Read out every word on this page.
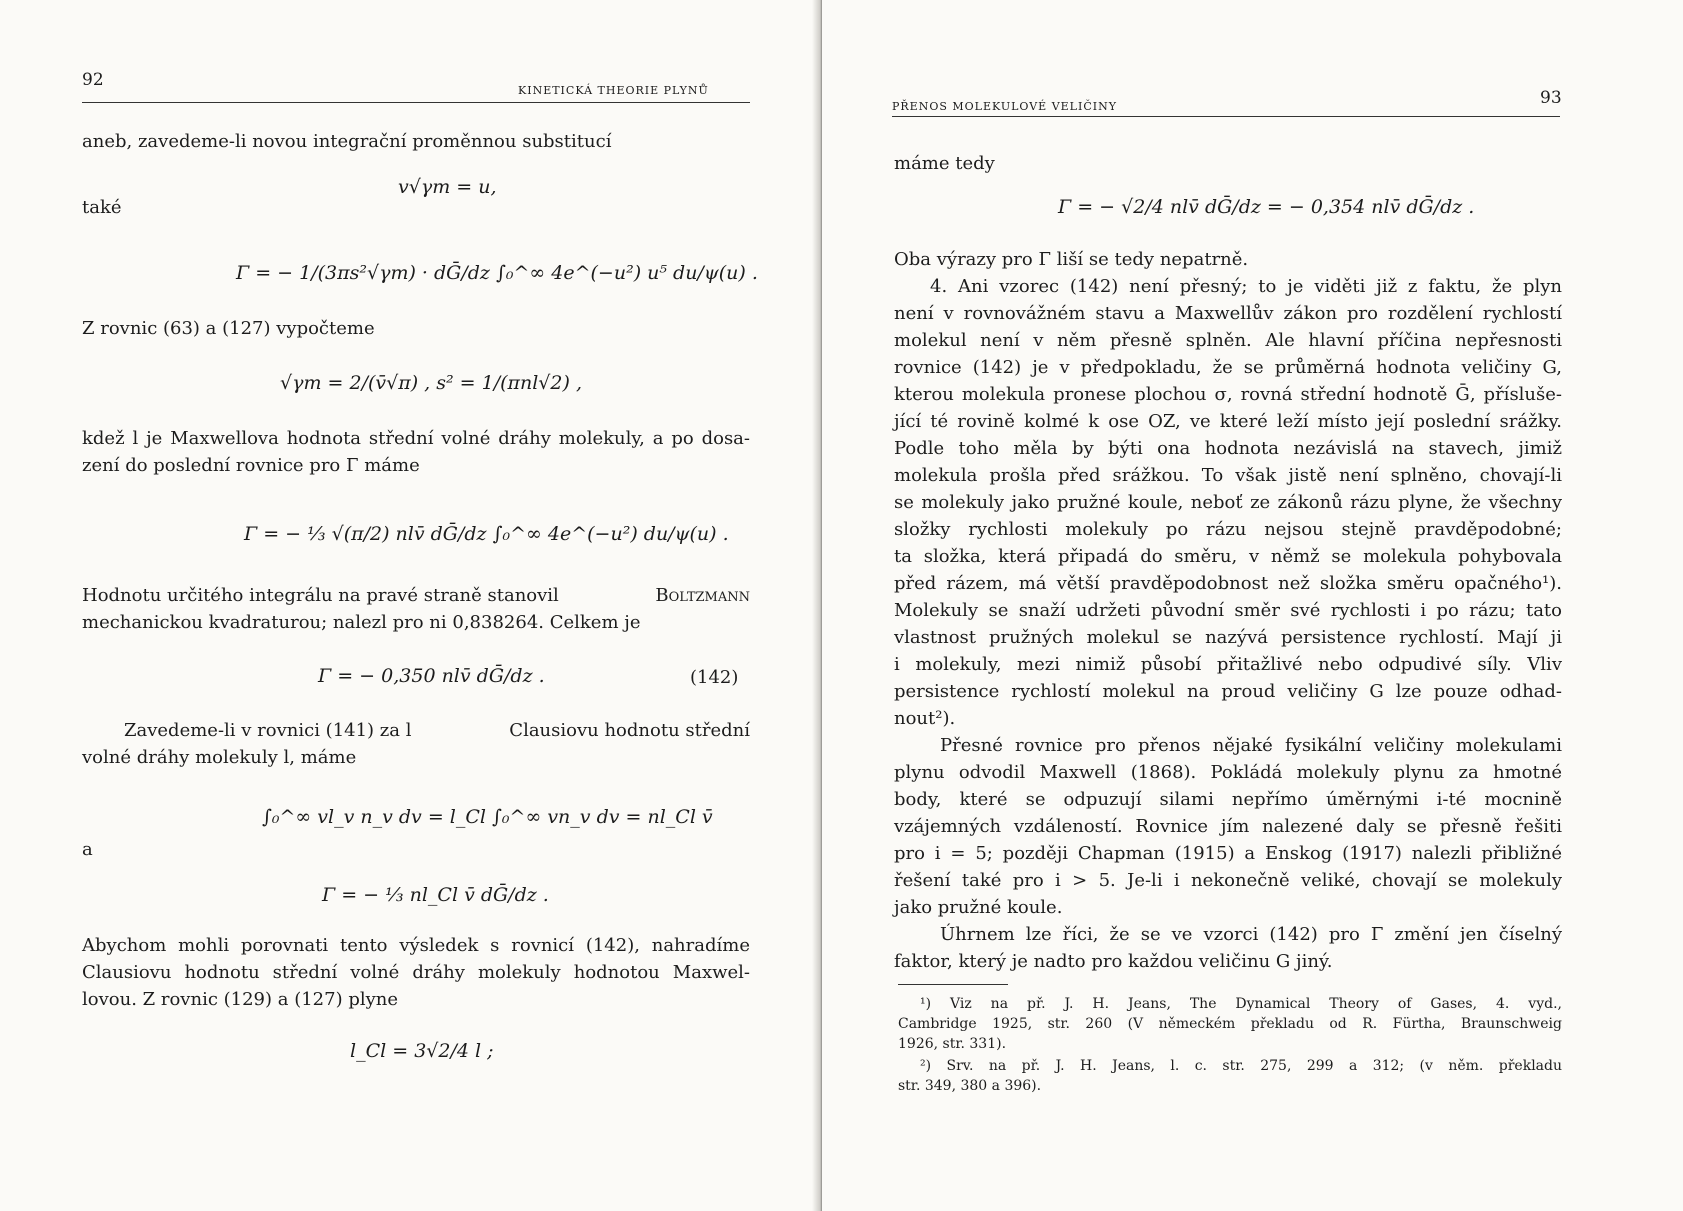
92
KINETICKÁ THEORIE PLYNŮ
aneb, zavedeme-li novou integrační proměnnou substitucí
v√γm = u,
také
Γ = − 1/(3πs²√γm) · dḠ/dz ∫₀^∞ 4e^(−u²) u⁵ du/ψ(u) .
Z rovnic (63) a (127) vypočteme
√γm = 2/(v̄√π) , s² = 1/(πnl√2) ,
kdež l je Maxwellova hodnota střední volné dráhy molekuly, a po dosa-
zení do poslední rovnice pro Γ máme
Γ = − ⅓ √(π/2) nlv̄ dḠ/dz ∫₀^∞ 4e^(−u²) du/ψ(u) .
Hodnotu určitého integrálu na pravé straně stanovil	Boltzmann
mechanickou kvadraturou; nalezl pro ni 0,838264. Celkem je
Γ = − 0,350 nlv̄ dḠ/dz .	(142)
Zavedeme-li v rovnici (141) za l	Clausiovu hodnotu střední
volné dráhy molekuly l, máme
∫₀^∞ vl_v n_v dv = l_Cl ∫₀^∞ vn_v dv = nl_Cl v̄
a
Γ = − ⅓ nl_Cl v̄ dḠ/dz .
Abychom mohli porovnati tento výsledek s rovnicí (142), nahradíme
Clausiovu hodnotu střední volné dráhy molekuly hodnotou Maxwel-
lovou. Z rovnic (129) a (127) plyne
l_Cl = 3√2/4 l ;
PŘENOS MOLEKULOVÉ VELIČINY	93
máme tedy
Γ = − √2/4 nlv̄ dḠ/dz = − 0,354 nlv̄ dḠ/dz .
Oba výrazy pro Γ liší se tedy nepatrně.
4. Ani vzorec (142) není přesný; to je viděti již z faktu, že plyn
není v rovnovážném stavu a Maxwellův zákon pro rozdělení rychlostí
molekul není v něm přesně splněn. Ale hlavní příčina nepřesnosti
rovnice (142) je v předpokladu, že se průměrná hodnota veličiny G,
kterou molekula pronese plochou σ, rovná střední hodnotě Ḡ, přísluše-
jící té rovině kolmé k ose OZ, ve které leží místo její poslední srážky.
Podle toho měla by býti ona hodnota nezávislá na stavech, jimiž
molekula prošla před srážkou. To však jistě není splněno, chovají-li
se molekuly jako pružné koule, neboť ze zákonů rázu plyne, že všechny
složky rychlosti molekuly po rázu nejsou stejně pravděpodobné;
ta složka, která připadá do směru, v němž se molekula pohybovala
před rázem, má větší pravděpodobnost než složka směru opačného¹).
Molekuly se snaží udržeti původní směr své rychlosti i po rázu; tato
vlastnost pružných molekul se nazývá persistence rychlostí. Mají ji
i molekuly, mezi nimiž působí přitažlivé nebo odpudivé síly. Vliv
persistence rychlostí molekul na proud veličiny G lze pouze odhad-
nout²).
Přesné rovnice pro přenos nějaké fysikální veličiny molekulami
plynu odvodil Maxwell (1868). Pokládá molekuly plynu za hmotné
body, které se odpuzují silami nepřímo úměrnými i-té mocnině
vzájemných vzdáleností. Rovnice jím nalezené daly se přesně řešiti
pro i = 5; později Chapman (1915) a Enskog (1917) nalezli přibližné
řešení také pro i > 5. Je-li i nekonečně veliké, chovají se molekuly
jako pružné koule.
Úhrnem lze říci, že se ve vzorci (142) pro Γ změní jen číselný
faktor, který je nadto pro každou veličinu G jiný.
¹) Viz na př. J. H. Jeans, The Dynamical Theory of Gases, 4. vyd.,
Cambridge 1925, str. 260 (V německém překladu od R. Fürtha, Braunschweig
1926, str. 331).
²) Srv. na př. J. H. Jeans, l. c. str. 275, 299 a 312; (v něm. překladu
str. 349, 380 a 396).
